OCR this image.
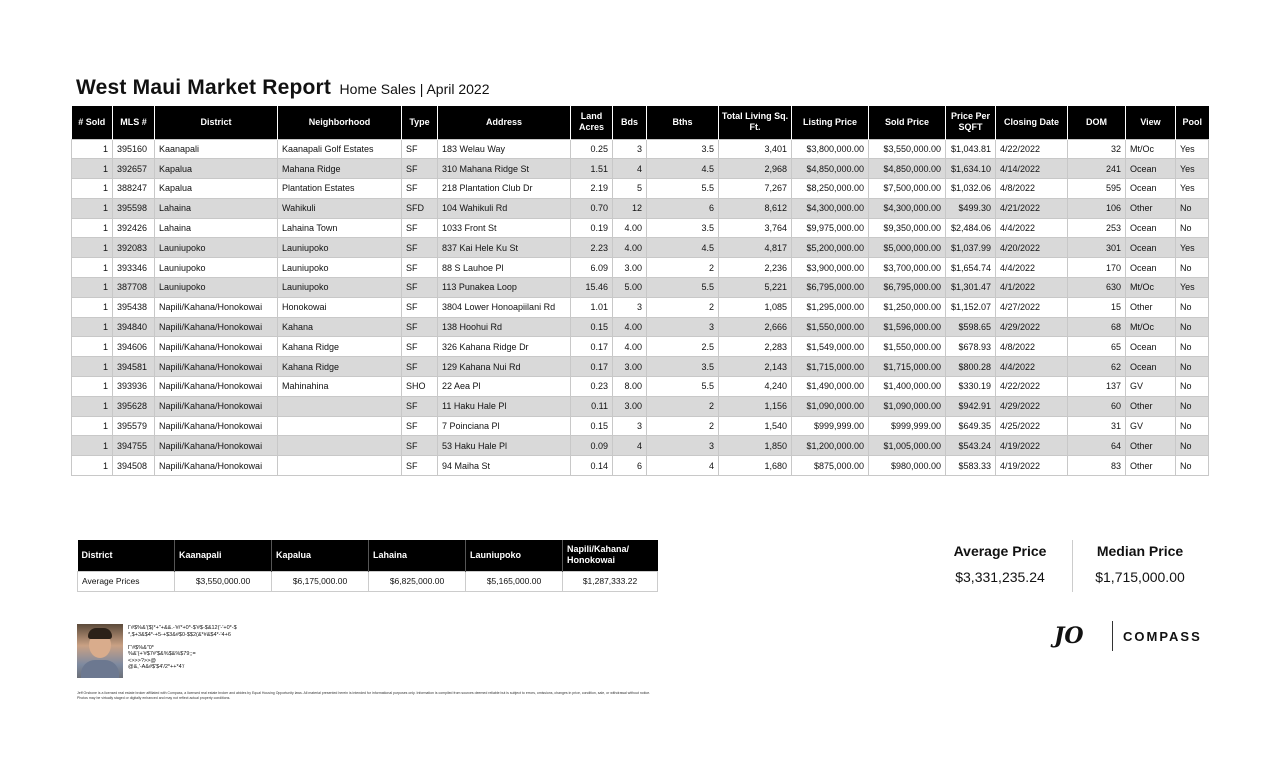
West Maui Market Report Home Sales | April 2022
# Sold	MLS #	District	Neighborhood	Type	Address	Land Acres	Bds	Bths	Total Living Sq. Ft.	Listing Price	Sold Price	Price Per SQFT	Closing Date	DOM	View	Pool
1	395160	Kaanapali	Kaanapali Golf Estates	SF	183 Welau Way	0.25	3	3.5	3,401	$3,800,000.00	$3,550,000.00	$1,043.81	4/22/2022	32	Mt/Oc	Yes
1	392657	Kapalua	Mahana Ridge	SF	310 Mahana Ridge St	1.51	4	4.5	2,968	$4,850,000.00	$4,850,000.00	$1,634.10	4/14/2022	241	Ocean	Yes
1	388247	Kapalua	Plantation Estates	SF	218 Plantation Club Dr	2.19	5	5.5	7,267	$8,250,000.00	$7,500,000.00	$1,032.06	4/8/2022	595	Ocean	Yes
1	395598	Lahaina	Wahikuli	SFD	104 Wahikuli Rd	0.70	12	6	8,612	$4,300,000.00	$4,300,000.00	$499.30	4/21/2022	106	Other	No
1	392426	Lahaina	Lahaina Town	SF	1033 Front St	0.19	4.00	3.5	3,764	$9,975,000.00	$9,350,000.00	$2,484.06	4/4/2022	253	Ocean	No
1	392083	Launiupoko	Launiupoko	SF	837 Kai Hele Ku St	2.23	4.00	4.5	4,817	$5,200,000.00	$5,000,000.00	$1,037.99	4/20/2022	301	Ocean	Yes
1	393346	Launiupoko	Launiupoko	SF	88 S Lauhoe Pl	6.09	3.00	2	2,236	$3,900,000.00	$3,700,000.00	$1,654.74	4/4/2022	170	Ocean	No
1	387708	Launiupoko	Launiupoko	SF	113 Punakea Loop	15.46	5.00	5.5	5,221	$6,795,000.00	$6,795,000.00	$1,301.47	4/1/2022	630	Mt/Oc	Yes
1	395438	Napili/Kahana/Honokowai	Honokowai	SF	3804 Lower Honoapiilani Rd	1.01	3	2	1,085	$1,295,000.00	$1,250,000.00	$1,152.07	4/27/2022	15	Other	No
1	394840	Napili/Kahana/Honokowai	Kahana	SF	138 Hoohui Rd	0.15	4.00	3	2,666	$1,550,000.00	$1,596,000.00	$598.65	4/29/2022	68	Mt/Oc	No
1	394606	Napili/Kahana/Honokowai	Kahana Ridge	SF	326 Kahana Ridge Dr	0.17	4.00	2.5	2,283	$1,549,000.00	$1,550,000.00	$678.93	4/8/2022	65	Ocean	No
1	394581	Napili/Kahana/Honokowai	Kahana Ridge	SF	129 Kahana Nui Rd	0.17	3.00	3.5	2,143	$1,715,000.00	$1,715,000.00	$800.28	4/4/2022	62	Ocean	No
1	393936	Napili/Kahana/Honokowai	Mahinahina	SHO	22 Aea Pl	0.23	8.00	5.5	4,240	$1,490,000.00	$1,400,000.00	$330.19	4/22/2022	137	GV	No
1	395628	Napili/Kahana/Honokowai		SF	11 Haku Hale Pl	0.11	3.00	2	1,156	$1,090,000.00	$1,090,000.00	$942.91	4/29/2022	60	Other	No
1	395579	Napili/Kahana/Honokowai		SF	7 Poinciana Pl	0.15	3	2	1,540	$999,999.00	$999,999.00	$649.35	4/25/2022	31	GV	No
1	394755	Napili/Kahana/Honokowai		SF	53 Haku Hale Pl	0.09	4	3	1,850	$1,200,000.00	$1,005,000.00	$543.24	4/19/2022	64	Other	No
1	394508	Napili/Kahana/Honokowai		SF	94 Maiha St	0.14	6	4	1,680	$875,000.00	$980,000.00	$583.33	4/19/2022	83	Other	No
District	Kaanapali	Kapalua	Lahaina	Launiupoko	Napili/Kahana/ Honokowai
Average Prices	$3,550,000.00	$6,175,000.00	$6,825,000.00	$5,165,000.00	$1,287,333.22
Average Price
$3,331,235.24
Median Price
$1,715,000.00
Γ#$%&'($)*+"+&&.-'#/*+0*-$'#$-$&12('-'+0*-$
*,$+3&$4*-+5-+$3&#$0-$$2(&*#&$4*-'4+6

Γ'#$%&"0*
%&'(+'#$7#'$&%$&%$79;;=
<>>>?>>@
@&,'-A&#$'$4'/2*++*4'/
Jeff Orsbone is a licensed real estate broker affiliated with Compass, a licensed real estate broker and abides by Equal Housing Opportunity laws. All material presented herein is intended for informational purposes only. Information is compiled from sources deemed reliable but is subject to errors, omissions, changes in price, condition, sale, or withdrawal without notice. Photos may be virtually staged or digitally enhanced and may not reflect actual property conditions.
JO	COMPASS
